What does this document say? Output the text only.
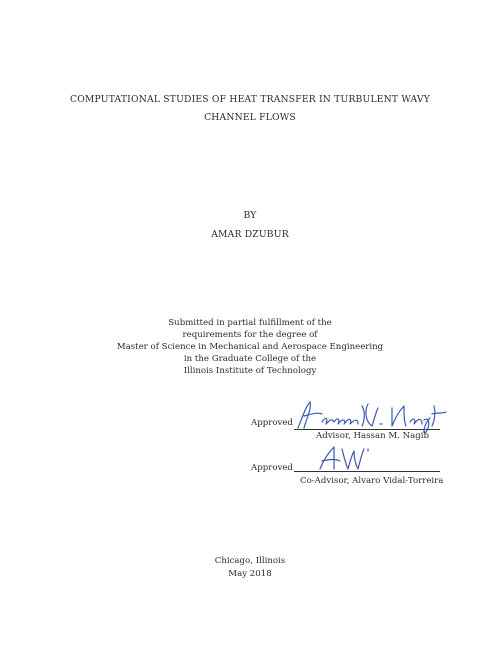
COMPUTATIONAL STUDIES OF HEAT TRANSFER IN TURBULENT WAVY
CHANNEL FLOWS
BY
AMAR DZUBUR
Submitted in partial fulfillment of the
requirements for the degree of
Master of Science in Mechanical and Aerospace Engineering
in the Graduate College of the
Illinois Institute of Technology
Approved
Advisor, Hassan M. Nagib
Approved
Co-Advisor, Alvaro Vidal-Torreira
Chicago, Illinois
May 2018
